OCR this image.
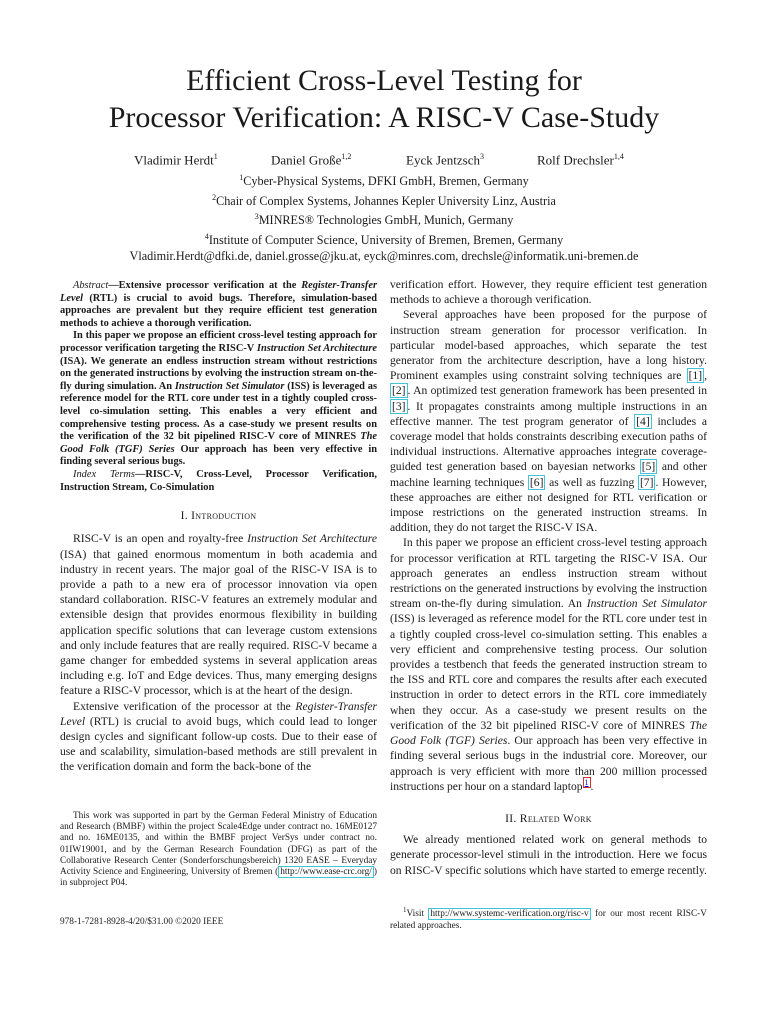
Efficient Cross-Level Testing for
Processor Verification: A RISC-V Case-Study
Vladimir Herdt$^1$	Daniel Große$^{1,2}$	Eyck Jentzsch$^3$	Rolf Drechsler$^{1,4}$
$^1$Cyber-Physical Systems, DFKI GmbH, Bremen, Germany
$^2$Chair of Complex Systems, Johannes Kepler University Linz, Austria
$^3$MINRES® Technologies GmbH, Munich, Germany
$^4$Institute of Computer Science, University of Bremen, Bremen, Germany
Vladimir.Herdt@dfki.de, daniel.grosse@jku.at, eyck@minres.com, drechsle@informatik.uni-bremen.de

Abstract—Extensive processor verification at the Register-Transfer Level (RTL) is crucial to avoid bugs. Therefore, simulation-based approaches are prevalent but they require efficient test generation methods to achieve a thorough verification.

In this paper we propose an efficient cross-level testing approach for processor verification targeting the RISC-V Instruction Set Architecture (ISA). We generate an endless instruction stream without restrictions on the generated instructions by evolving the instruction stream on-the-fly during simulation. An Instruction Set Simulator (ISS) is leveraged as reference model for the RTL core under test in a tightly coupled cross-level co-simulation setting. This enables a very efficient and comprehensive testing process. As a case-study we present results on the verification of the 32 bit pipelined RISC-V core of MINRES The Good Folk (TGF) Series Our approach has been very effective in finding several serious bugs.

Index Terms—RISC-V, Cross-Level, Processor Verification, Instruction Stream, Co-Simulation

I. Introduction

RISC-V is an open and royalty-free Instruction Set Architecture (ISA) that gained enormous momentum in both academia and industry in recent years. The major goal of the RISC-V ISA is to provide a path to a new era of processor innovation via open standard collaboration. RISC-V features an extremely modular and extensible design that provides enormous flexibility in building application specific solutions that can leverage custom extensions and only include features that are really required. RISC-V became a game changer for embedded systems in several application areas including e.g. IoT and Edge devices. Thus, many emerging designs feature a RISC-V processor, which is at the heart of the design.

Extensive verification of the processor at the Register-Transfer Level (RTL) is crucial to avoid bugs, which could lead to longer design cycles and significant follow-up costs. Due to their ease of use and scalability, simulation-based methods are still prevalent in the verification domain and form the back-bone of the

This work was supported in part by the German Federal Ministry of Education and Research (BMBF) within the project Scale4Edge under contract no. 16ME0127 and no. 16ME0135, and within the BMBF project VerSys under contract no. 01IW19001, and by the German Research Foundation (DFG) as part of the Collaborative Research Center (Sonderforschungsbereich) 1320 EASE – Everyday Activity Science and Engineering, University of Bremen ( http://www.ease-crc.org/ ) in subproject P04.
978-1-7281-8928-4/20/$31.00 ©2020 IEEE

verification effort. However, they require efficient test generation methods to achieve a thorough verification.

Several approaches have been proposed for the purpose of instruction stream generation for processor verification. In particular model-based approaches, which separate the test generator from the architecture description, have a long history. Prominent examples using constraint solving techniques are [1] , [2] . An optimized test generation framework has been presented in [3] . It propagates constraints among multiple instructions in an effective manner. The test program generator of [4] includes a coverage model that holds constraints describing execution paths of individual instructions. Alternative approaches integrate coverage-guided test generation based on bayesian networks [5] and other machine learning techniques [6] as well as fuzzing [7] . However, these approaches are either not designed for RTL verification or impose restrictions on the generated instruction streams. In addition, they do not target the RISC-V ISA.

In this paper we propose an efficient cross-level testing approach for processor verification at RTL targeting the RISC-V ISA. Our approach generates an endless instruction stream without restrictions on the generated instructions by evolving the instruction stream on-the-fly during simulation. An Instruction Set Simulator (ISS) is leveraged as reference model for the RTL core under test in a tightly coupled cross-level co-simulation setting. This enables a very efficient and comprehensive testing process. Our solution provides a testbench that feeds the generated instruction stream to the ISS and RTL core and compares the results after each executed instruction in order to detect errors in the RTL core immediately when they occur. As a case-study we present results on the verification of the 32 bit pipelined RISC-V core of MINRES The Good Folk (TGF) Series. Our approach has been very effective in finding several serious bugs in the industrial core. Moreover, our approach is very efficient with more than 200 million processed instructions per hour on a standard laptop $^1$ .

II. Related Work

We already mentioned related work on general methods to generate processor-level stimuli in the introduction. Here we focus on RISC-V specific solutions which have started to emerge recently.

$^1$Visit http://www.systemc-verification.org/risc-v for our most recent RISC-V related approaches.
